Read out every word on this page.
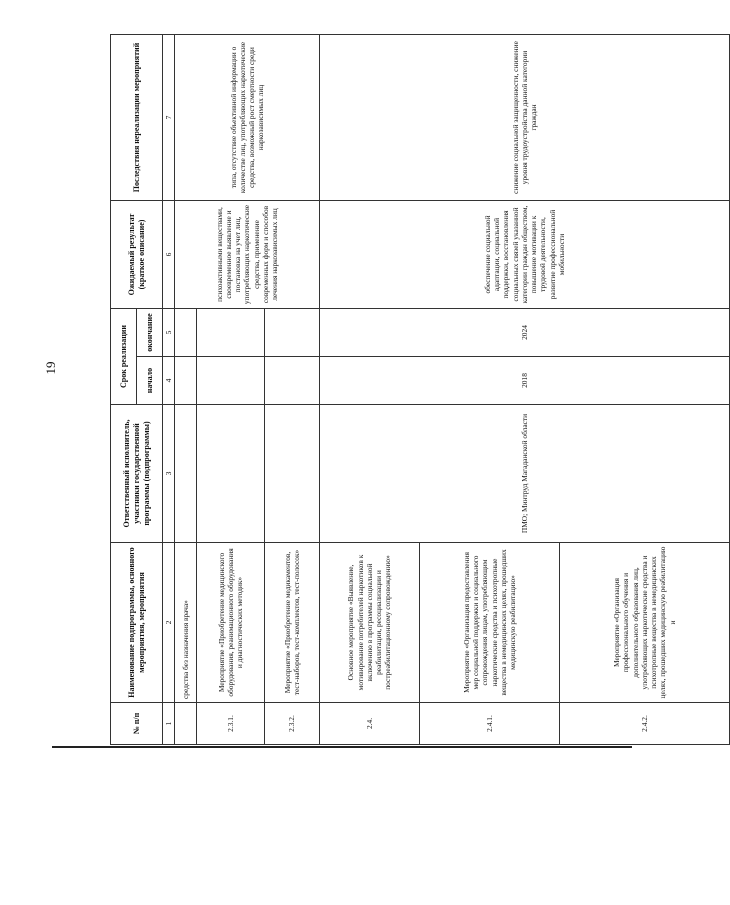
19
№ п/п	Наименование подпрограммы, основного мероприятия, мероприятия	Ответственный исполнитель, участники государственной программы (подпрограммы)	Срок реализации		Ожидаемый результат (краткое описание)	Последствия нереализации мероприятий
			начало	окончание		
1	2	3	4	5	6	7
	средства без назначения врача»				психоактивными веществами, своевременное выявление и постановка на учет лиц, употребляющих наркотические средства, применение современных форм и способов лечения наркозависимых лиц	типа, отсутствие объективной информации о количестве лиц, употребляющих наркотические средства, возможный рост смертности среди наркозависимых лиц
2.3.1.	Мероприятие «Приобретение медицинского оборудования, реанимационного оборудования и диагностических методик»					
2.3.2.	Мероприятие «Приобретение медикаментов, тест-наборов, тест-комплектов, тест-полосок»					
2.4.	Основное мероприятие «Выявление, мотивирование потребителей наркотиков к включению в программы социальной реабилитации, ресоциализации и постреабилитационному сопровождению»	ПМО; Минтруд Магаданской области	2018	2024	обеспечение социальной адаптации, социальной поддержки, восстановления социальных связей указанной категории граждан обществом, повышение мотивации к трудовой деятельности, развитие профессиональной мобильности	снижение социальной защищенности, снижение уровня трудоустройства данной категории граждан
2.4.1.	Мероприятие «Организация предоставления мер социальной поддержки и социального сопровождения лицам, употребляющим наркотические средства и психотропные вещества в немедицинских целях, прошедших медицинскую реабилитацию»					
2.4.2.	Мероприятие «Организация профессионального обучения и дополнительного образования лиц, употребляющих наркотические средства и психотропные вещества в немедицинских целях, прошедших медицинскую реабилитацию и					
